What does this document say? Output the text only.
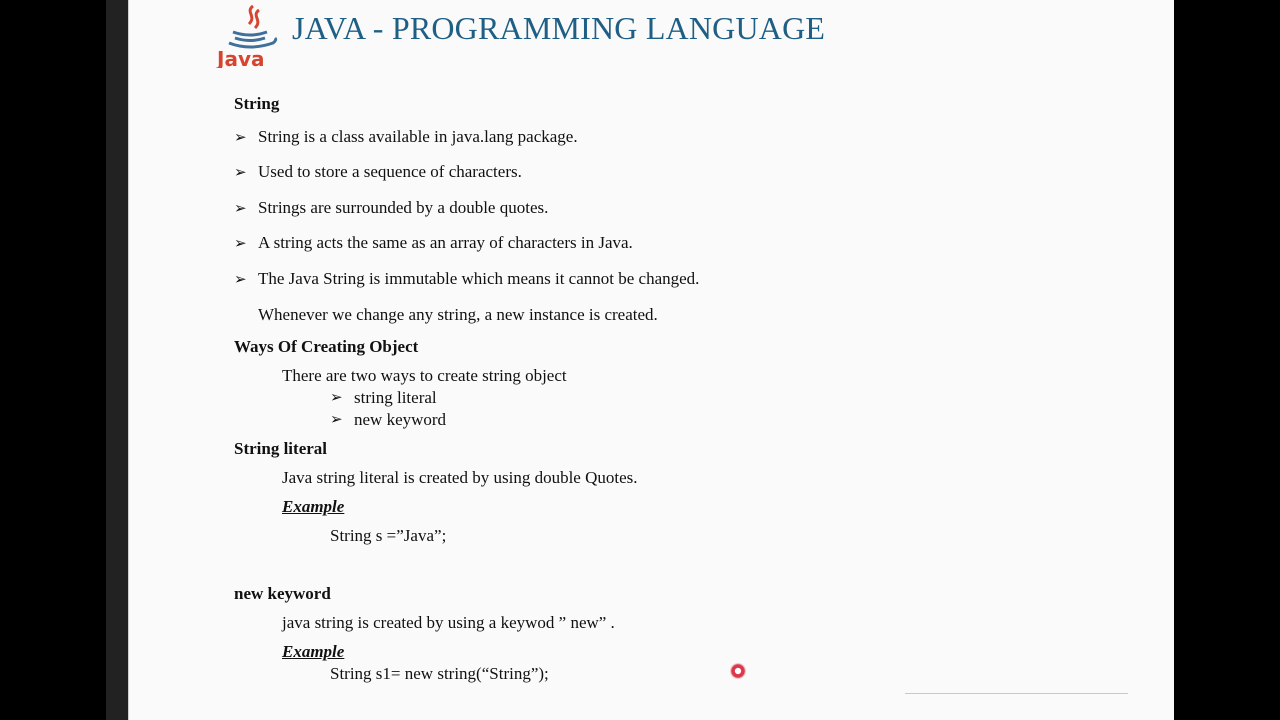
Java
JAVA - PROGRAMMING LANGUAGE
String
➢ String is a class available in java.lang package.
➢ Used to store a sequence of characters.
➢ Strings are surrounded by a double quotes.
➢ A string acts the same as an array of characters in Java.
➢ The Java String is immutable which means it cannot be changed.
Whenever we change any string, a new instance is created.
Ways Of Creating Object
There are two ways to create string object
➢ string literal
➢ new keyword
String literal
Java string literal is created by using double Quotes.
Example
String s =”Java”;
new keyword
java string is created by using a keywod ” new” .
Example
String s1= new string(“String”);
